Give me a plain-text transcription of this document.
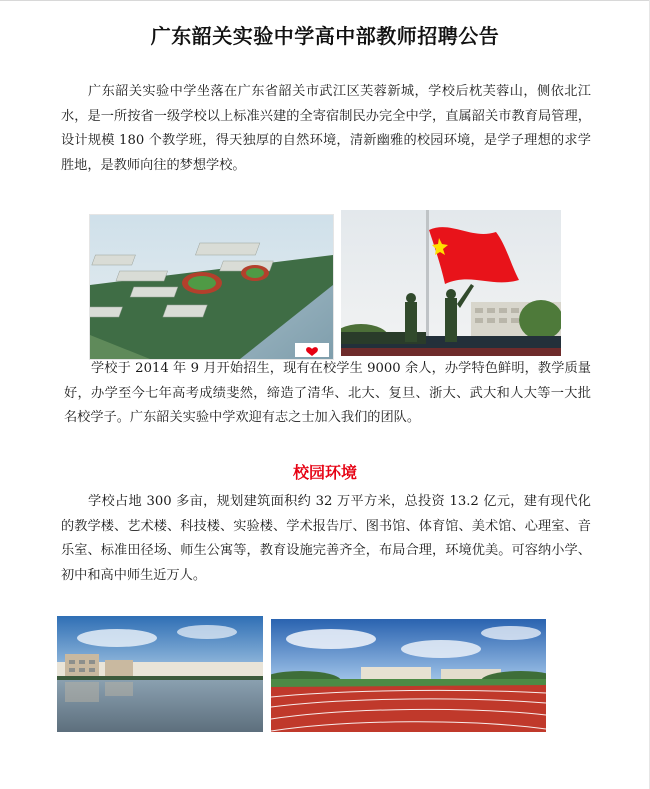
广东韶关实验中学高中部教师招聘公告

广东韶关实验中学坐落在广东省韶关市武江区芙蓉新城，学校后枕芙蓉山，侧依北江水，是一所按省一级学校以上标准兴建的全寄宿制民办完全中学，直属韶关市教育局管理，设计规模 180 个教学班，得天独厚的自然环境，清新幽雅的校园环境，是学子理想的求学胜地，是教师向往的梦想学校。

学校于 2014 年 9 月开始招生，现有在校学生 9000 余人，办学特色鲜明，教学质量好，办学至今七年高考成绩斐然，缔造了清华、北大、复旦、浙大、武大和人大等一大批名校学子。广东韶关实验中学欢迎有志之士加入我们的团队。

校园环境

学校占地 300 多亩，规划建筑面积约 32 万平方米，总投资 13.2 亿元，建有现代化的教学楼、艺术楼、科技楼、实验楼、学术报告厅、图书馆、体育馆、美术馆、心理室、音乐室、标准田径场、师生公寓等，教育设施完善齐全，布局合理，环境优美。可容纳小学、初中和高中师生近万人。
